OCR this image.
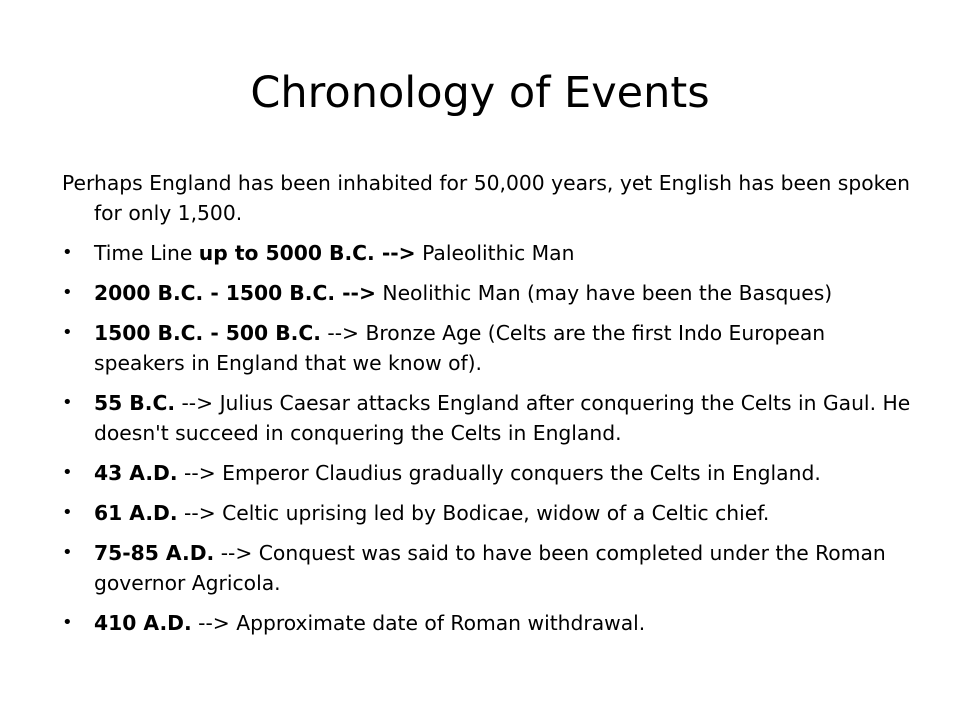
Chronology of Events

Perhaps England has been inhabited for 50,000 years, yet English has been spoken for only 1,500.

•	Time Line up to 5000 B.C. --> Paleolithic Man
•	2000 B.C. - 1500 B.C. --> Neolithic Man (may have been the Basques)
•	1500 B.C. - 500 B.C. --> Bronze Age (Celts are the first Indo European speakers in England that we know of).
•	55 B.C. --> Julius Caesar attacks England after conquering the Celts in Gaul. He doesn't succeed in conquering the Celts in England.
•	43 A.D. --> Emperor Claudius gradually conquers the Celts in England.
•	61 A.D. --> Celtic uprising led by Bodicae, widow of a Celtic chief.
•	75-85 A.D. --> Conquest was said to have been completed under the Roman governor Agricola.
•	410 A.D. --> Approximate date of Roman withdrawal.
